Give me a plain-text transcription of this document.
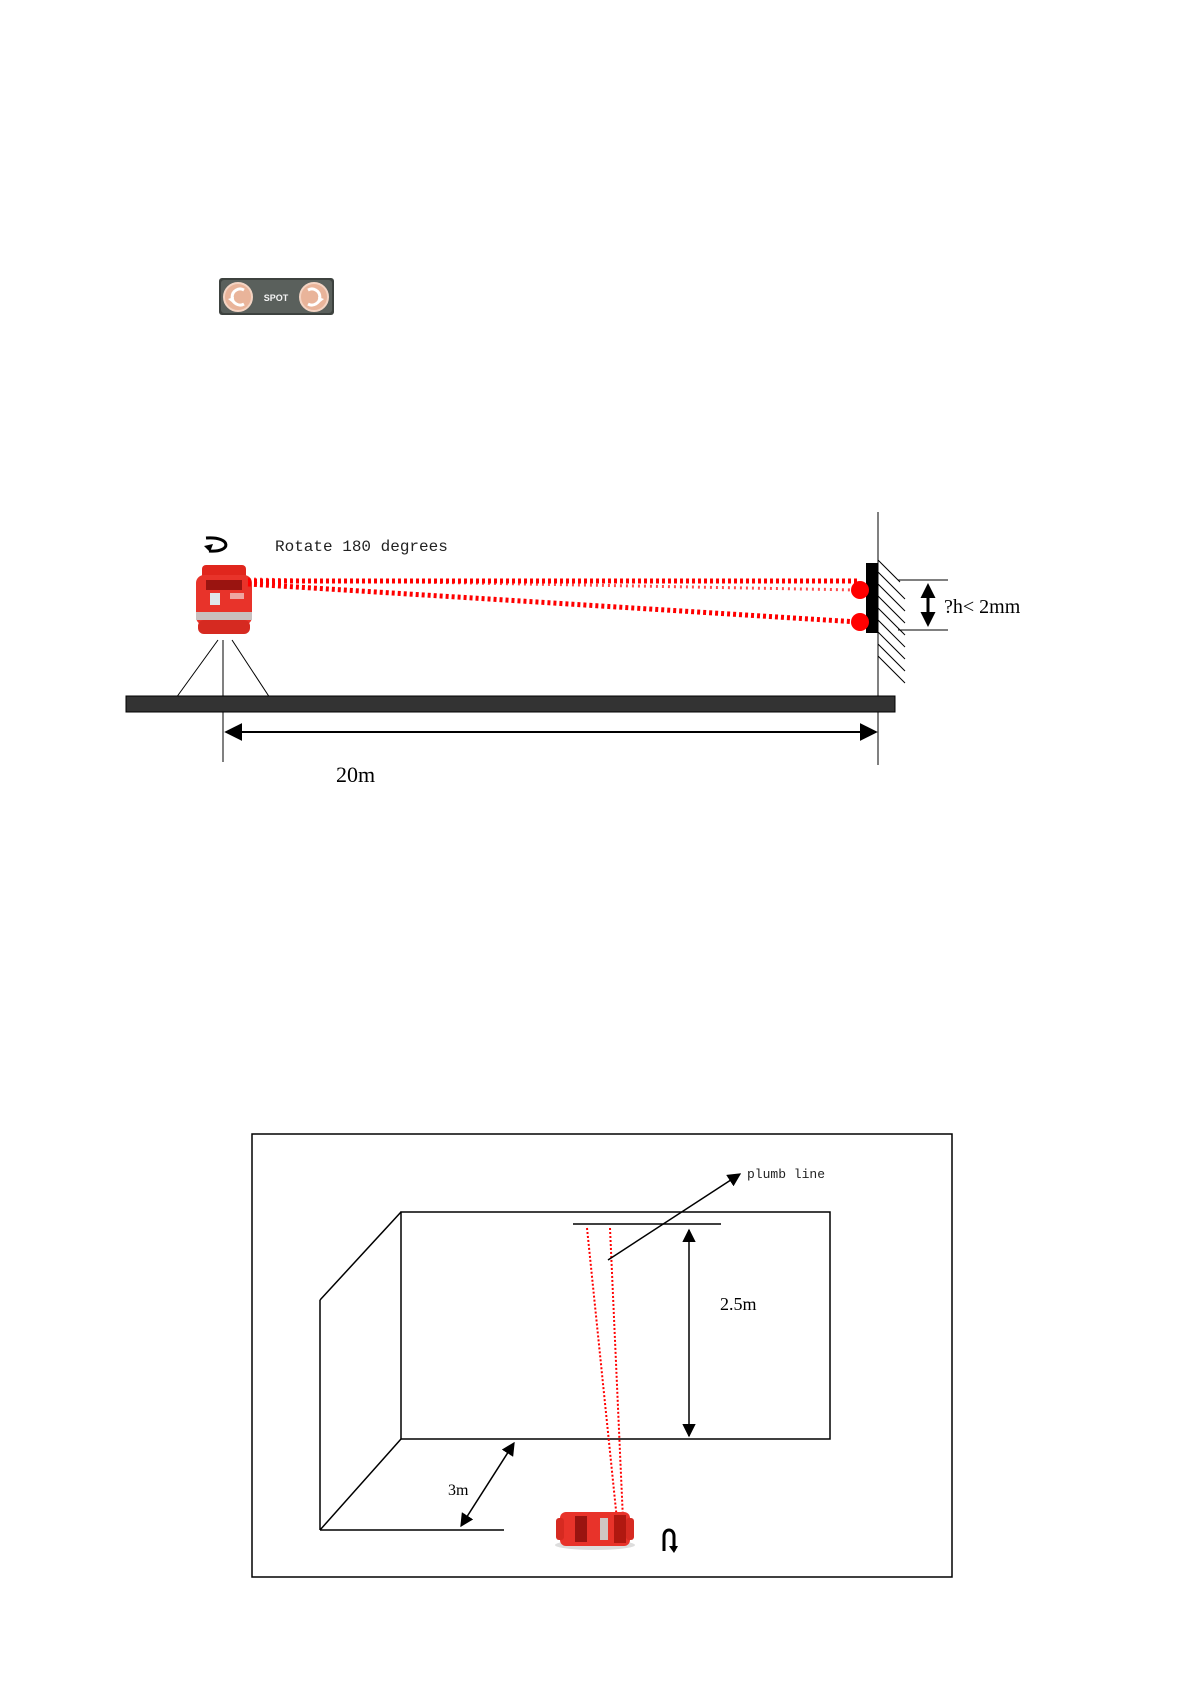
SPOT
Rotate 180 degrees
?h< 2mm
20m
plumb line
2.5m
3m
